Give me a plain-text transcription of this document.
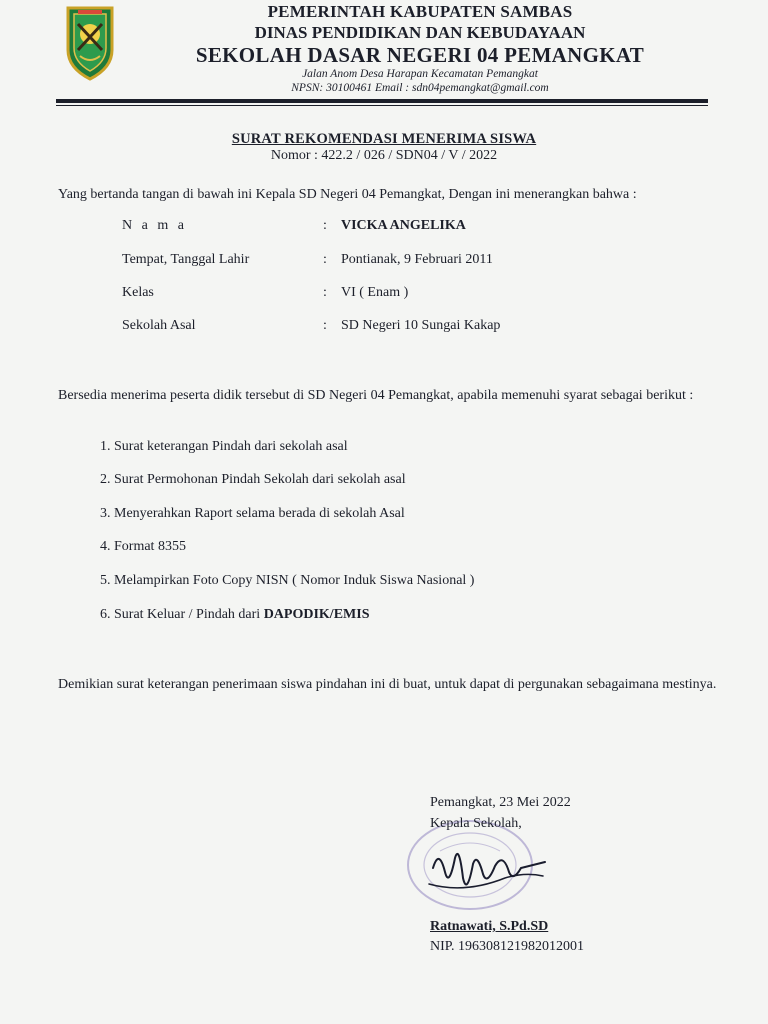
PEMERINTAH KABUPATEN SAMBAS
DINAS PENDIDIKAN DAN KEBUDAYAAN
SEKOLAH DASAR NEGERI 04 PEMANGKAT
Jalan Anom Desa Harapan Kecamatan Pemangkat
NPSN: 30100461 Email : sdn04pemangkat@gmail.com
SURAT REKOMENDASI MENERIMA SISWA
Nomor : 422.2 / 026 / SDN04 / V / 2022
Yang bertanda tangan di bawah ini Kepala SD Negeri 04 Pemangkat, Dengan ini menerangkan bahwa :
N a m a	: VICKA ANGELIKA
Tempat, Tanggal Lahir	: Pontianak, 9 Februari 2011
Kelas	: VI ( Enam )
Sekolah Asal	: SD Negeri 10 Sungai Kakap
Bersedia menerima peserta didik tersebut di SD Negeri 04 Pemangkat, apabila memenuhi syarat sebagai berikut :
1. Surat keterangan Pindah dari sekolah asal
2. Surat Permohonan Pindah Sekolah dari sekolah asal
3. Menyerahkan Raport selama berada di sekolah Asal
4. Format 8355
5. Melampirkan Foto Copy NISN ( Nomor Induk Siswa Nasional )
6. Surat Keluar / Pindah dari DAPODIK/EMIS
Demikian surat keterangan penerimaan siswa pindahan ini di buat, untuk dapat di pergunakan sebagaimana mestinya.
Pemangkat, 23 Mei 2022
Kepala Sekolah,
Ratnawati, S.Pd.SD
NIP. 196308121982012001
